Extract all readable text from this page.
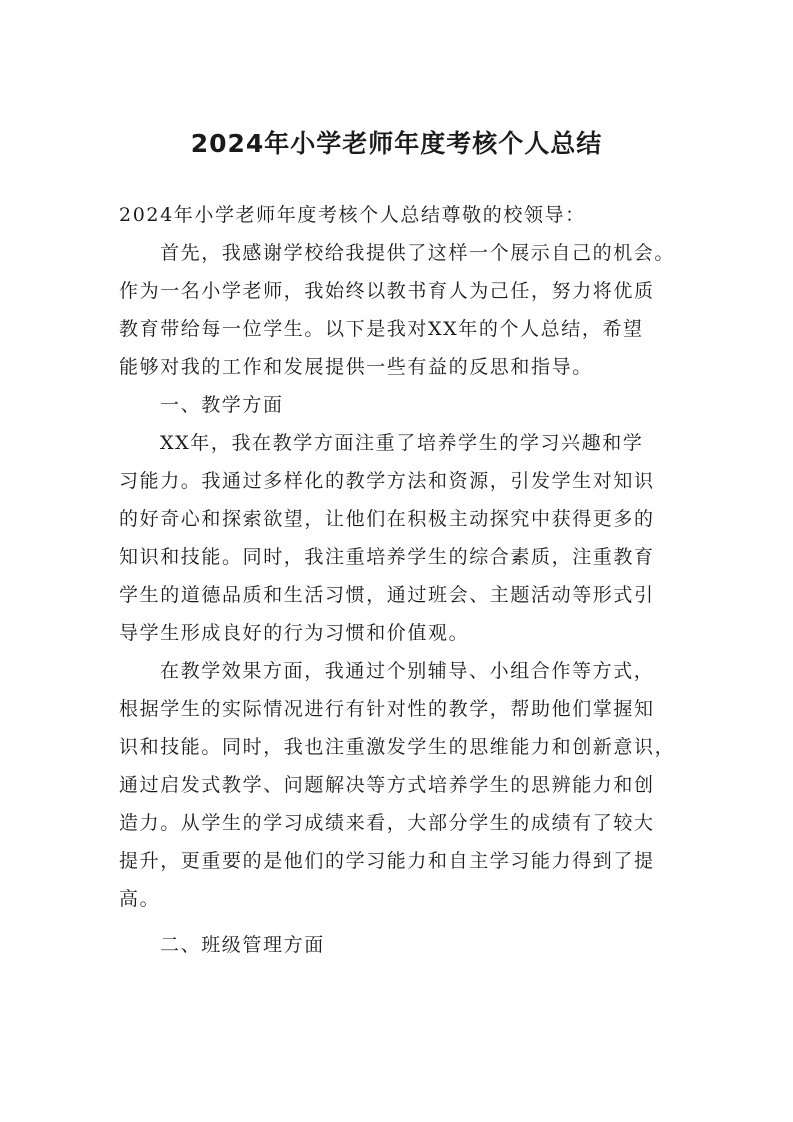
2024年小学老师年度考核个人总结
2024年小学老师年度考核个人总结尊敬的校领导：
首先，我感谢学校给我提供了这样一个展示自己的机会。
作为一名小学老师，我始终以教书育人为己任，努力将优质
教育带给每一位学生。以下是我对XX年的个人总结，希望
能够对我的工作和发展提供一些有益的反思和指导。
一、教学方面
XX年，我在教学方面注重了培养学生的学习兴趣和学
习能力。我通过多样化的教学方法和资源，引发学生对知识
的好奇心和探索欲望，让他们在积极主动探究中获得更多的
知识和技能。同时，我注重培养学生的综合素质，注重教育
学生的道德品质和生活习惯，通过班会、主题活动等形式引
导学生形成良好的行为习惯和价值观。
在教学效果方面，我通过个别辅导、小组合作等方式，
根据学生的实际情况进行有针对性的教学，帮助他们掌握知
识和技能。同时，我也注重激发学生的思维能力和创新意识，
通过启发式教学、问题解决等方式培养学生的思辨能力和创
造力。从学生的学习成绩来看，大部分学生的成绩有了较大
提升，更重要的是他们的学习能力和自主学习能力得到了提
高。
二、班级管理方面
